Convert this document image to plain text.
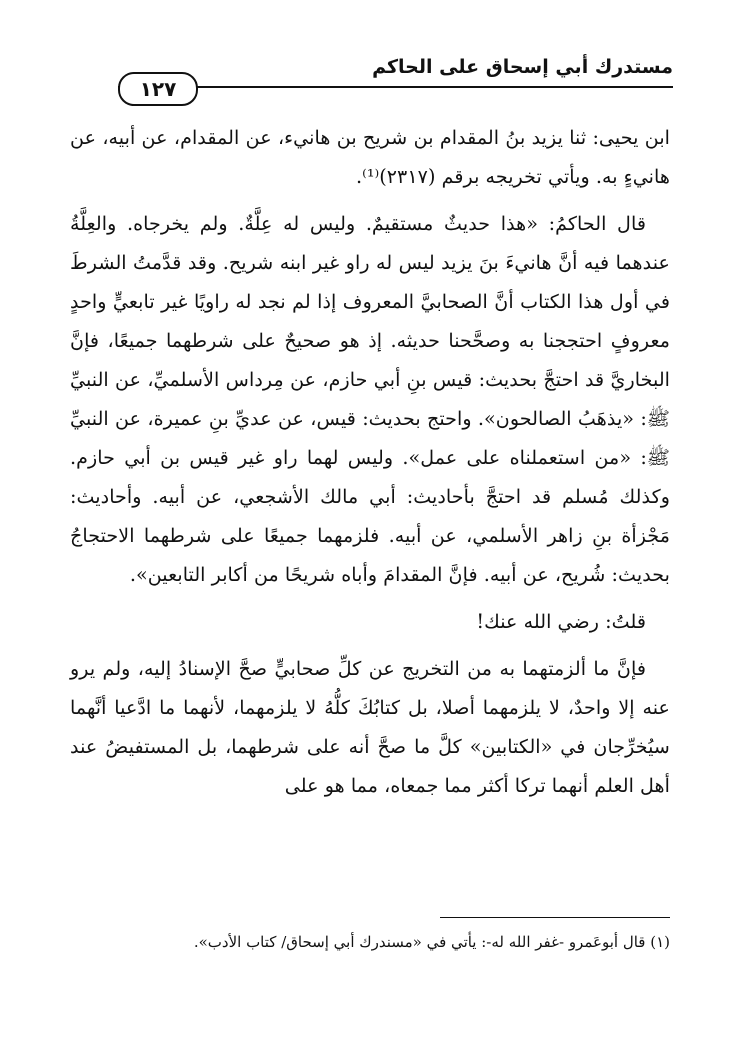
مستدرك أبي إسحاق على الحاكم
١٢٧

ابن يحيى: ثنا يزيد بنُ المقدام بن شريح بن هانيء، عن المقدام، عن أبيه، عن هانيءٍ به. ويأتي تخريجه برقم (٢٣١٧)⁽¹⁾.

قال الحاكمُ: «هذا حديثٌ مستقيمٌ. وليس له عِلَّةٌ. ولم يخرجاه. والعِلَّةُ عندهما فيه أنَّ هانيءَ بنَ يزيد ليس له راو غير ابنه شريح. وقد قدَّمتُ الشرطَ في أول هذا الكتاب أنَّ الصحابيَّ المعروف إذا لم نجد له راويًا غير تابعيٍّ واحدٍ معروفٍ احتججنا به وصحَّحنا حديثه. إذ هو صحيحٌ على شرطهما جميعًا، فإنَّ البخاريَّ قد احتجَّ بحديث: قيس بنِ أبي حازم، عن مِرداس الأسلميِّ، عن النبيِّ ﷺ: «يذهَبُ الصالحون». واحتج بحديث: قيس، عن عديِّ بنِ عميرة، عن النبيِّ ﷺ: «من استعملناه على عمل». وليس لهما راو غير قيس بن أبي حازم. وكذلك مُسلم قد احتجَّ بأحاديث: أبي مالك الأشجعي، عن أبيه. وأحاديث: مَجْزأة بنِ زاهر الأسلمي، عن أبيه. فلزمهما جميعًا على شرطهما الاحتجاجُ بحديث: شُريح، عن أبيه. فإنَّ المقدامَ وأباه شريحًا من أكابر التابعين».

قلتُ: رضي الله عنك!

فإنَّ ما ألزمتهما به من التخريج عن كلِّ صحابيٍّ صحَّ الإسنادُ إليه، ولم يرو عنه إلا واحدٌ، لا يلزمهما أصلا، بل كتابُكَ كلُّهُ لا يلزمهما، لأنهما ما ادَّعيا أنَّهما سيُخرِّجان في «الكتابين» كلَّ ما صحَّ أنه على شرطهما، بل المستفيضُ عند أهل العلم أنهما تركا أكثر مما جمعاه، مما هو على

(١) قال أبوعَمرو -غفر الله له-: يأتي في «مسندرك أبي إسحاق/ كتاب الأدب».
